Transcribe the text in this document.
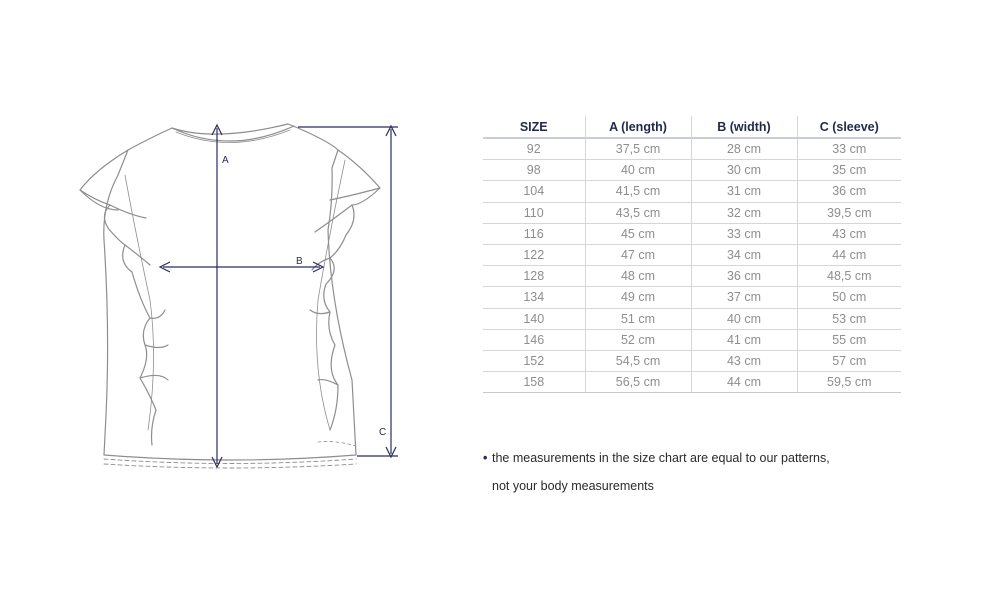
A
B
C
SIZE	A (length)	B (width)	C (sleeve)
92	37,5 cm	28 cm	33 cm
98	40 cm	30 cm	35 cm
104	41,5 cm	31 cm	36 cm
110	43,5 cm	32 cm	39,5 cm
116	45 cm	33 cm	43 cm
122	47 cm	34 cm	44 cm
128	48 cm	36 cm	48,5 cm
134	49 cm	37 cm	50 cm
140	51 cm	40 cm	53 cm
146	52 cm	41 cm	55 cm
152	54,5 cm	43 cm	57 cm
158	56,5 cm	44 cm	59,5 cm
• the measurements in the size chart are equal to our patterns,
not your body measurements
